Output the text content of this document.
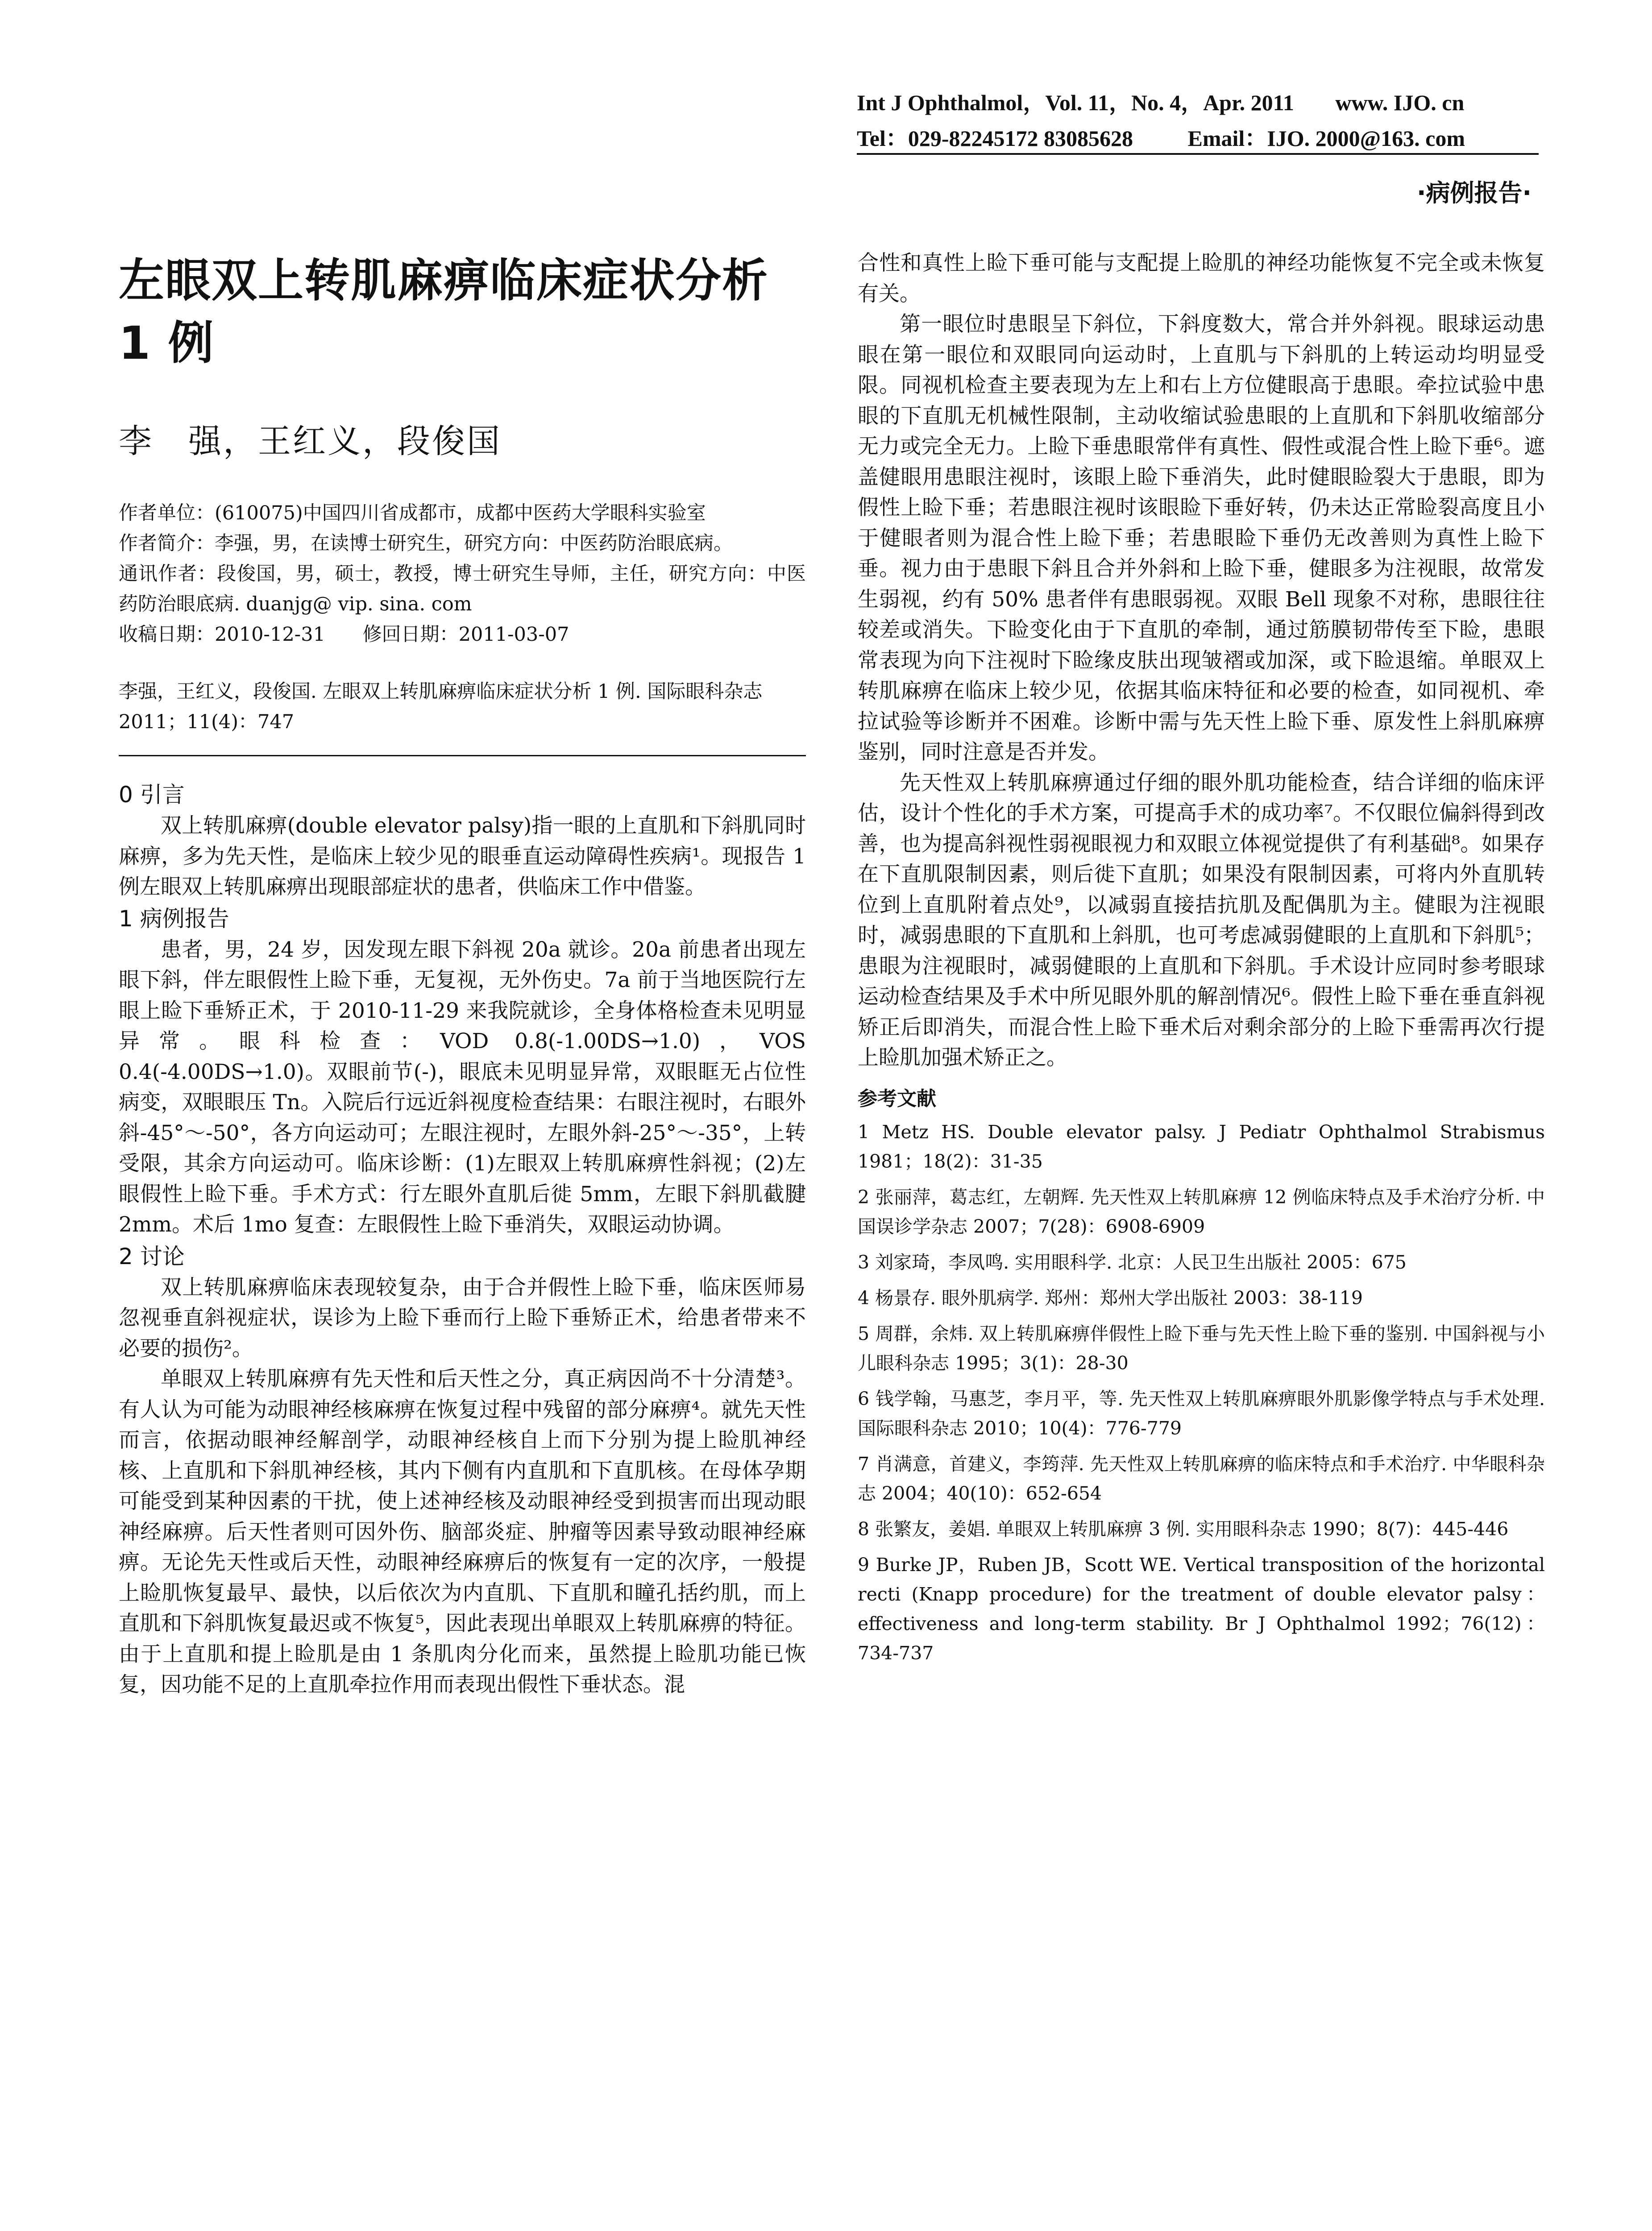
Int J Ophthalmol，Vol. 11，No. 4，Apr. 2011 www. IJO. cn
Tel：029-82245172 83085628 Email：IJO. 2000@163. com
·病例报告·
左眼双上转肌麻痹临床症状分析 1 例
李　强，王红义，段俊国

作者单位：(610075)中国四川省成都市，成都中医药大学眼科实验室

作者简介：李强，男，在读博士研究生，研究方向：中医药防治眼底病。

通讯作者：段俊国，男，硕士，教授，博士研究生导师，主任，研究方向：中医药防治眼底病. duanjg@ vip. sina. com

收稿日期：2010-12-31 修回日期：2011-03-07

李强，王红义，段俊国. 左眼双上转肌麻痹临床症状分析 1 例. 国际眼科杂志 2011；11(4)：747
0 引言

双上转肌麻痹(double elevator palsy)指一眼的上直肌和下斜肌同时麻痹，多为先天性，是临床上较少见的眼垂直运动障碍性疾病¹。现报告 1 例左眼双上转肌麻痹出现眼部症状的患者，供临床工作中借鉴。

1 病例报告

患者，男，24 岁，因发现左眼下斜视 20a 就诊。20a 前患者出现左眼下斜，伴左眼假性上睑下垂，无复视，无外伤史。7a 前于当地医院行左眼上睑下垂矫正术，于 2010-11-29 来我院就诊，全身体格检查未见明显异常。眼科检查：VOD 0.8(-1.00DS→1.0)，VOS 0.4(-4.00DS→1.0)。双眼前节(-)，眼底未见明显异常，双眼眶无占位性病变，双眼眼压 Tn。入院后行远近斜视度检查结果：右眼注视时，右眼外斜-45°～-50°，各方向运动可；左眼注视时，左眼外斜-25°～-35°，上转受限，其余方向运动可。临床诊断：(1)左眼双上转肌麻痹性斜视；(2)左眼假性上睑下垂。手术方式：行左眼外直肌后徙 5mm，左眼下斜肌截腱 2mm。术后 1mo 复查：左眼假性上睑下垂消失，双眼运动协调。

2 讨论

双上转肌麻痹临床表现较复杂，由于合并假性上睑下垂，临床医师易忽视垂直斜视症状，误诊为上睑下垂而行上睑下垂矫正术，给患者带来不必要的损伤²。

单眼双上转肌麻痹有先天性和后天性之分，真正病因尚不十分清楚³。有人认为可能为动眼神经核麻痹在恢复过程中残留的部分麻痹⁴。就先天性而言，依据动眼神经解剖学，动眼神经核自上而下分别为提上睑肌神经核、上直肌和下斜肌神经核，其内下侧有内直肌和下直肌核。在母体孕期可能受到某种因素的干扰，使上述神经核及动眼神经受到损害而出现动眼神经麻痹。后天性者则可因外伤、脑部炎症、肿瘤等因素导致动眼神经麻痹。无论先天性或后天性，动眼神经麻痹后的恢复有一定的次序，一般提上睑肌恢复最早、最快，以后依次为内直肌、下直肌和瞳孔括约肌，而上直肌和下斜肌恢复最迟或不恢复⁵，因此表现出单眼双上转肌麻痹的特征。由于上直肌和提上睑肌是由 1 条肌肉分化而来，虽然提上睑肌功能已恢复，因功能不足的上直肌牵拉作用而表现出假性下垂状态。混

合性和真性上睑下垂可能与支配提上睑肌的神经功能恢复不完全或未恢复有关。

第一眼位时患眼呈下斜位，下斜度数大，常合并外斜视。眼球运动患眼在第一眼位和双眼同向运动时，上直肌与下斜肌的上转运动均明显受限。同视机检查主要表现为左上和右上方位健眼高于患眼。牵拉试验中患眼的下直肌无机械性限制，主动收缩试验患眼的上直肌和下斜肌收缩部分无力或完全无力。上睑下垂患眼常伴有真性、假性或混合性上睑下垂⁶。遮盖健眼用患眼注视时，该眼上睑下垂消失，此时健眼睑裂大于患眼，即为假性上睑下垂；若患眼注视时该眼睑下垂好转，仍未达正常睑裂高度且小于健眼者则为混合性上睑下垂；若患眼睑下垂仍无改善则为真性上睑下垂。视力由于患眼下斜且合并外斜和上睑下垂，健眼多为注视眼，故常发生弱视，约有 50% 患者伴有患眼弱视。双眼 Bell 现象不对称，患眼往往较差或消失。下睑变化由于下直肌的牵制，通过筋膜韧带传至下睑，患眼常表现为向下注视时下睑缘皮肤出现皱褶或加深，或下睑退缩。单眼双上转肌麻痹在临床上较少见，依据其临床特征和必要的检查，如同视机、牵拉试验等诊断并不困难。诊断中需与先天性上睑下垂、原发性上斜肌麻痹鉴别，同时注意是否并发。

先天性双上转肌麻痹通过仔细的眼外肌功能检查，结合详细的临床评估，设计个性化的手术方案，可提高手术的成功率⁷。不仅眼位偏斜得到改善，也为提高斜视性弱视眼视力和双眼立体视觉提供了有利基础⁸。如果存在下直肌限制因素，则后徙下直肌；如果没有限制因素，可将内外直肌转位到上直肌附着点处⁹，以减弱直接拮抗肌及配偶肌为主。健眼为注视眼时，减弱患眼的下直肌和上斜肌，也可考虑减弱健眼的上直肌和下斜肌⁵；患眼为注视眼时，减弱健眼的上直肌和下斜肌。手术设计应同时参考眼球运动检查结果及手术中所见眼外肌的解剖情况⁶。假性上睑下垂在垂直斜视矫正后即消失，而混合性上睑下垂术后对剩余部分的上睑下垂需再次行提上睑肌加强术矫正之。

参考文献

1 Metz HS. Double elevator palsy. J Pediatr Ophthalmol Strabismus 1981；18(2)：31-35

2 张丽萍，葛志红，左朝辉. 先天性双上转肌麻痹 12 例临床特点及手术治疗分析. 中国误诊学杂志 2007；7(28)：6908-6909

3 刘家琦，李凤鸣. 实用眼科学. 北京：人民卫生出版社 2005：675

4 杨景存. 眼外肌病学. 郑州：郑州大学出版社 2003：38-119

5 周群，余炜. 双上转肌麻痹伴假性上睑下垂与先天性上睑下垂的鉴别. 中国斜视与小儿眼科杂志 1995；3(1)：28-30

6 钱学翰，马惠芝，李月平，等. 先天性双上转肌麻痹眼外肌影像学特点与手术处理. 国际眼科杂志 2010；10(4)：776-779

7 肖满意，首建义，李筠萍. 先天性双上转肌麻痹的临床特点和手术治疗. 中华眼科杂志 2004；40(10)：652-654

8 张繁友，姜娼. 单眼双上转肌麻痹 3 例. 实用眼科杂志 1990；8(7)：445-446

9 Burke JP，Ruben JB，Scott WE. Vertical transposition of the horizontal recti (Knapp procedure) for the treatment of double elevator palsy：effectiveness and long-term stability. Br J Ophthalmol 1992；76(12)：734-737
